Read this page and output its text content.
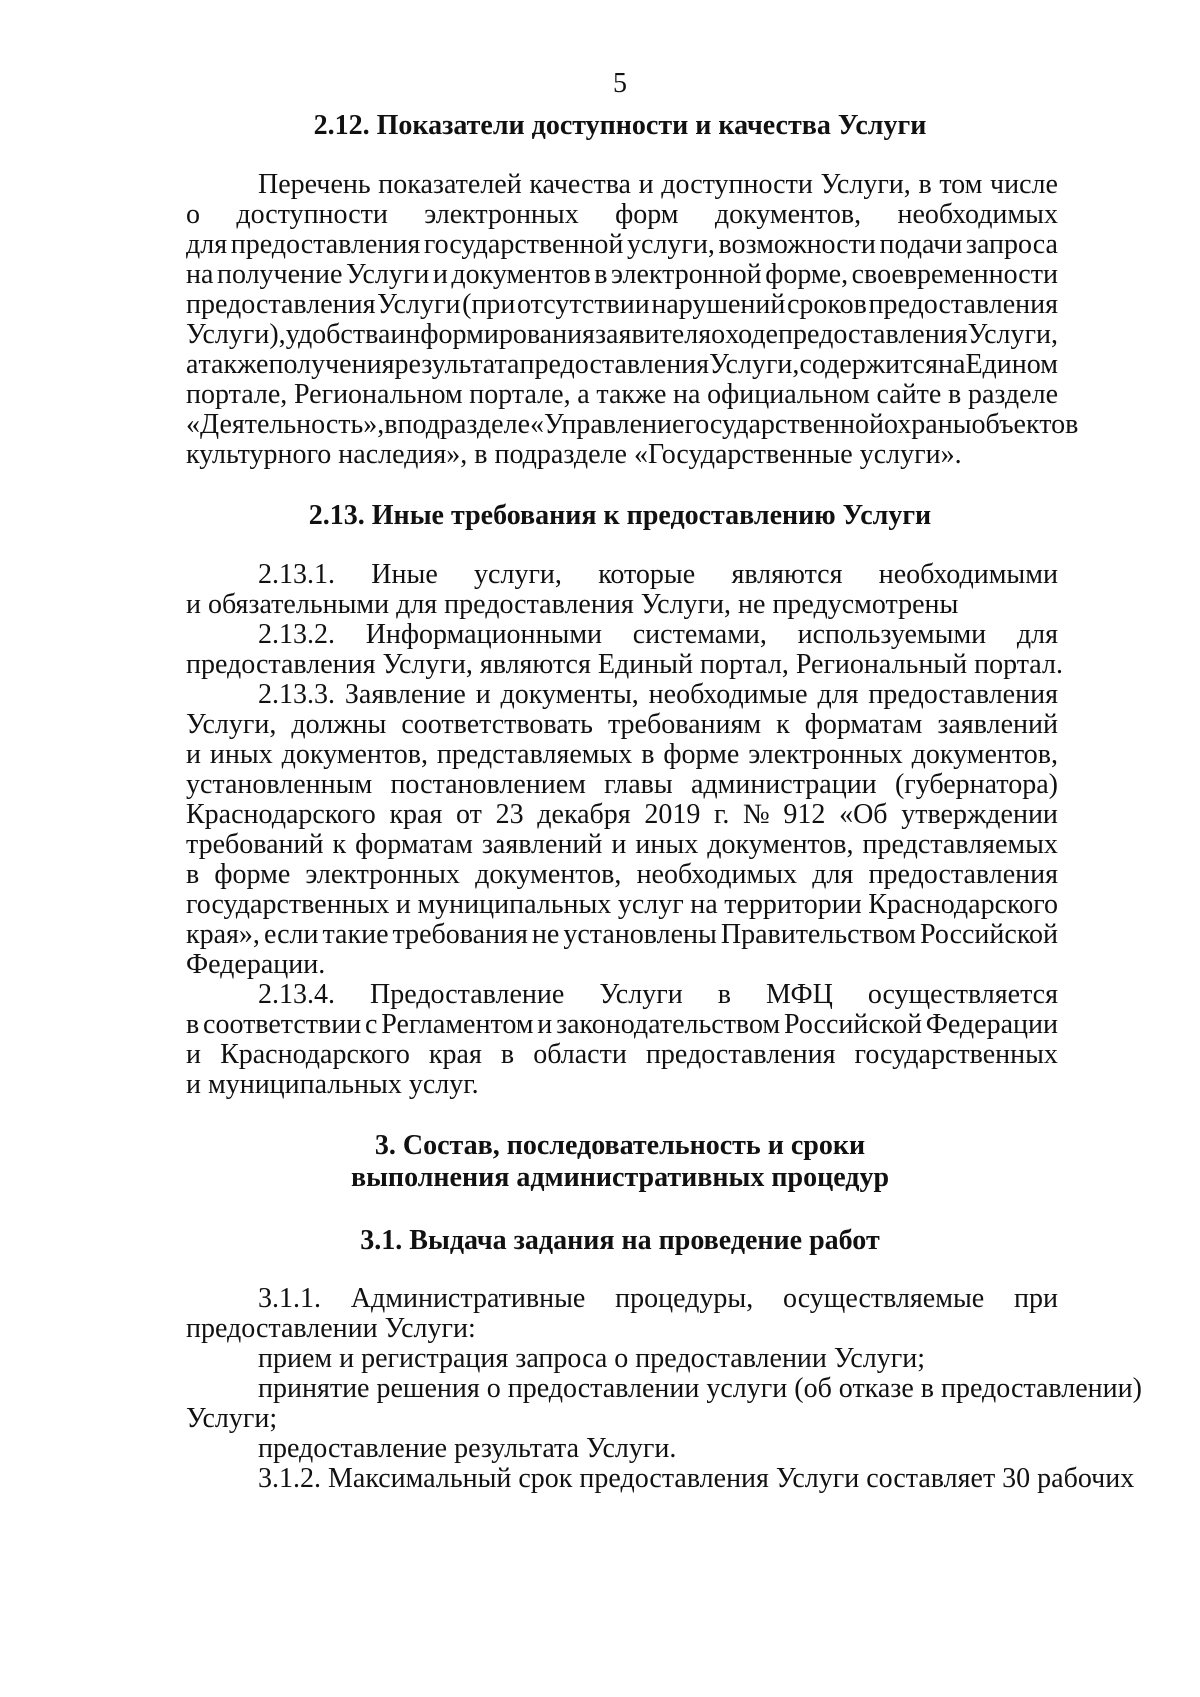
5
2.12. Показатели доступности и качества Услуги
Перечень показателей качества и доступности Услуги, в том числе
о доступности электронных форм документов, необходимых
для предоставления государственной услуги, возможности подачи запроса
на получение Услуги и документов в электронной форме, своевременности
предоставления Услуги (при отсутствии нарушений сроков предоставления
Услуги), удобства информирования заявителя о ходе предоставления Услуги,
а также получения результата предоставления Услуги, содержится на Едином
портале, Региональном портале, а также на официальном сайте в разделе
«Деятельность», в подразделе «Управление государственной охраны объектов
культурного наследия», в подразделе «Государственные услуги».
2.13. Иные требования к предоставлению Услуги
2.13.1. Иные услуги, которые являются необходимыми
и обязательными для предоставления Услуги, не предусмотрены
2.13.2. Информационными системами, используемыми для
предоставления Услуги, являются Единый портал, Региональный портал.
2.13.3. Заявление и документы, необходимые для предоставления
Услуги, должны соответствовать требованиям к форматам заявлений
и иных документов, представляемых в форме электронных документов,
установленным постановлением главы администрации (губернатора)
Краснодарского края от 23 декабря 2019 г. № 912 «Об утверждении
требований к форматам заявлений и иных документов, представляемых
в форме электронных документов, необходимых для предоставления
государственных и муниципальных услуг на территории Краснодарского
края», если такие требования не установлены Правительством Российской
Федерации.
2.13.4. Предоставление Услуги в МФЦ осуществляется
в соответствии с Регламентом и законодательством Российской Федерации
и Краснодарского края в области предоставления государственных
и муниципальных услуг.
3. Состав, последовательность и сроки
выполнения административных процедур
3.1. Выдача задания на проведение работ
3.1.1. Административные процедуры, осуществляемые при
предоставлении Услуги:
прием и регистрация запроса о предоставлении Услуги;
принятие решения о предоставлении услуги (об отказе в предоставлении)
Услуги;
предоставление результата Услуги.
3.1.2. Максимальный срок предоставления Услуги составляет 30 рабочих
